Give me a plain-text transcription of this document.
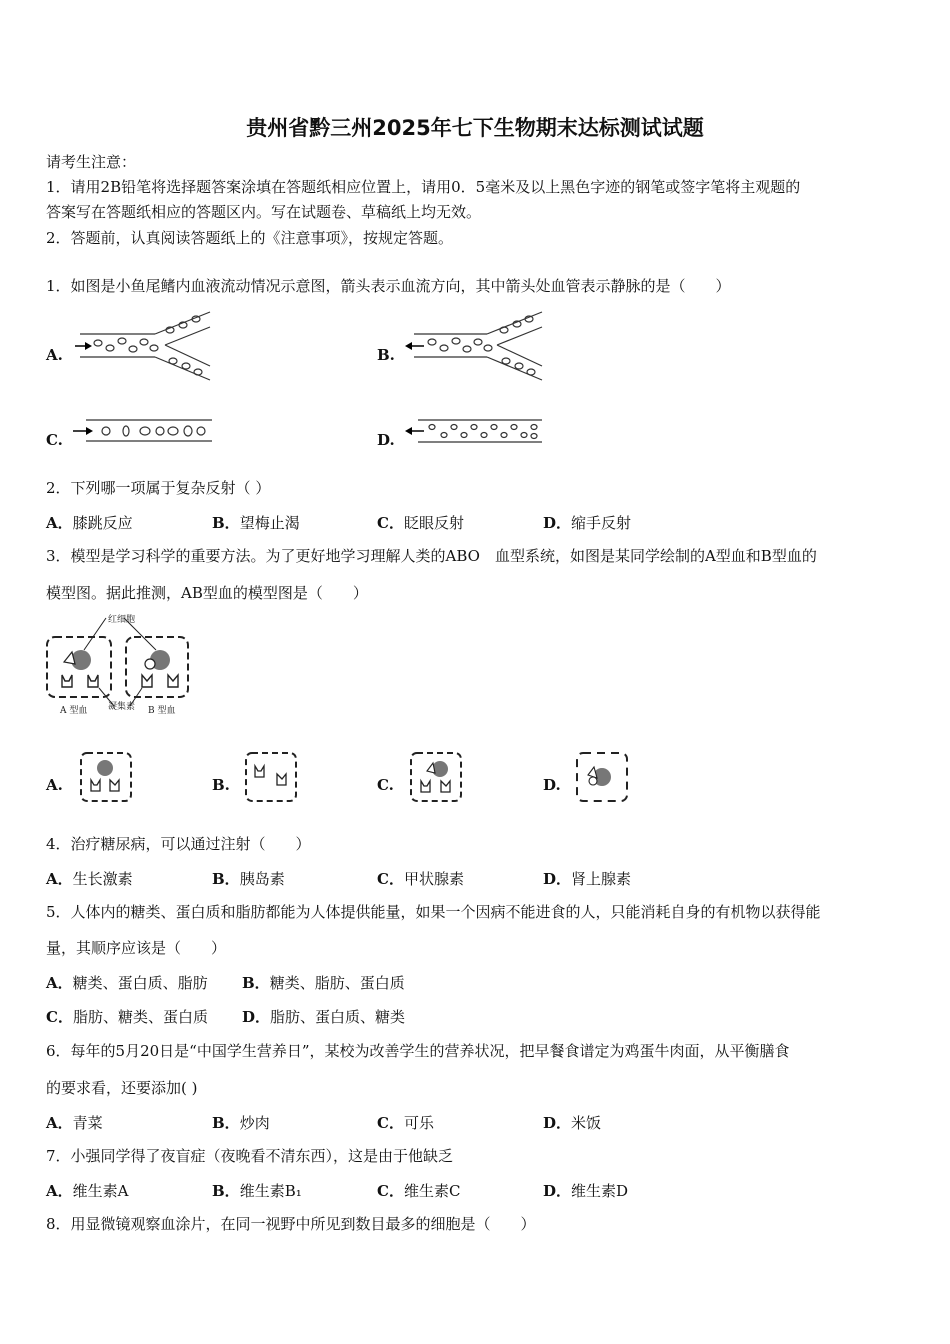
贵州省黔三州2025年七下生物期末达标测试试题
请考生注意：
1．请用2B铅笔将选择题答案涂填在答题纸相应位置上，请用0．5毫米及以上黑色字迹的钢笔或签字笔将主观题的
答案写在答题纸相应的答题区内。写在试题卷、草稿纸上均无效。
2．答题前，认真阅读答题纸上的《注意事项》，按规定答题。
1．如图是小鱼尾鳍内血液流动情况示意图，箭头表示血流方向，其中箭头处血管表示静脉的是（　　）
A.	B.
C.	D.
2．下列哪一项属于复杂反射（ ）
A．膝跳反应	B．望梅止渴	C．眨眼反射	D．缩手反射
3．模型是学习科学的重要方法。为了更好地学习理解人类的ABO　血型系统，如图是某同学绘制的A型血和B型血的
模型图。据此推测，AB型血的模型图是（　　）
红细胞
凝集素
A 型血	B 型血
A.	B.	C.	D.
4．治疗糖尿病，可以通过注射（　　）
A．生长激素	B．胰岛素	C．甲状腺素	D．肾上腺素
5．人体内的糖类、蛋白质和脂肪都能为人体提供能量，如果一个因病不能进食的人，只能消耗自身的有机物以获得能
量，其顺序应该是（　　）
A．糖类、蛋白质、脂肪 B．糖类、脂肪、蛋白质
C．脂肪、糖类、蛋白质 D．脂肪、蛋白质、糖类
6．每年的5月20日是“中国学生营养日”，某校为改善学生的营养状况，把早餐食谱定为鸡蛋牛肉面，从平衡膳食
的要求看，还要添加( )
A．青菜	B．炒肉	C．可乐	D．米饭
7．小强同学得了夜盲症（夜晚看不清东西），这是由于他缺乏
A．维生素A	B．维生素B₁	C．维生素C	D．维生素D
8．用显微镜观察血涂片，在同一视野中所见到数目最多的细胞是（　　）
